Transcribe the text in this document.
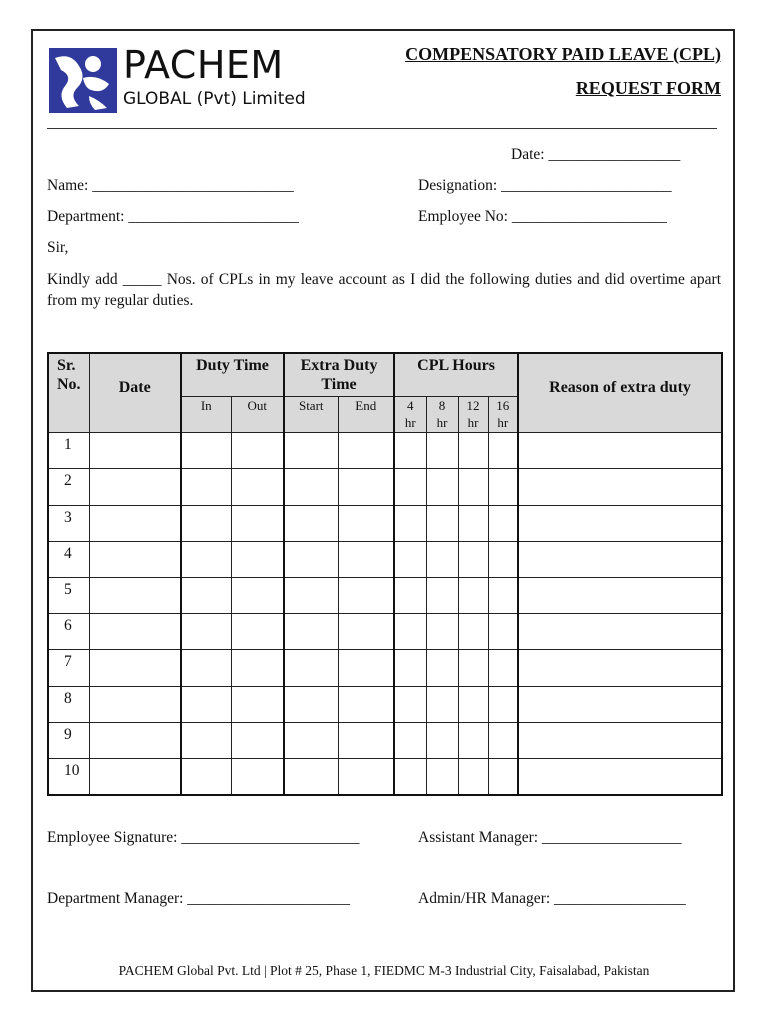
PACHEM
GLOBAL (Pvt) Limited
COMPENSATORY PAID LEAVE (CPL)
REQUEST FORM
Date: _________________
Name: __________________________	Designation: ______________________
Department: ______________________	Employee No: ____________________
Sir,
Kindly add _____ Nos. of CPLs in my leave account as I did the following duties and did overtime apart from my regular duties.
Sr. No.	Date	Duty Time		Extra Duty Time		CPL Hours				Reason of extra duty
		In	Out	Start	End	4 hr	8 hr	12 hr	16 hr	
1										
2										
3										
4										
5										
6										
7										
8										
9										
10										
Employee Signature: _______________________	Assistant Manager: __________________
Department Manager: _____________________	Admin/HR Manager: _________________
PACHEM Global Pvt. Ltd | Plot # 25, Phase 1, FIEDMC M-3 Industrial City, Faisalabad, Pakistan
